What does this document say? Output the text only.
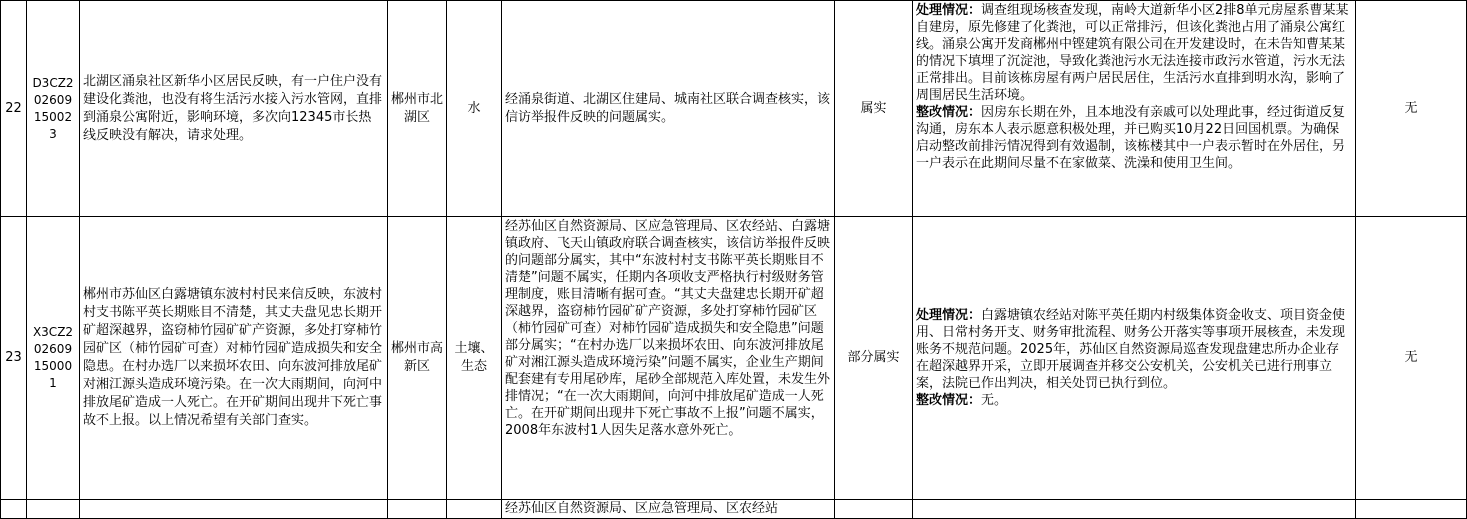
22	D3CZ2 02609 15002 3	北湖区涌泉社区新华小区居民反映，有一户住户没有建设化粪池，也没有将生活污水接入污水管网，直排到涌泉公寓附近，影响环境，多次向12345市长热线反映没有解决，请求处理。	郴州市北湖区	水	经涌泉街道、北湖区住建局、城南社区联合调查核实，该信访举报件反映的问题属实。	属实	处理情况：调查组现场核查发现，南岭大道新华小区2排8单元房屋系曹某某自建房，原先修建了化粪池，可以正常排污，但该化粪池占用了涌泉公寓红线。涌泉公寓开发商郴州中铿建筑有限公司在开发建设时，在未告知曹某某的情况下填埋了沉淀池，导致化粪池污水无法连接市政污水管道，污水无法正常排出。目前该栋房屋有两户居民居住，生活污水直排到明水沟，影响了周围居民生活环境。
整改情况：因房东长期在外，且本地没有亲戚可以处理此事，经过街道反复沟通，房东本人表示愿意积极处理，并已购买10月22日回国机票。为确保启动整改前排污情况得到有效遏制，该栋楼其中一户表示暂时在外居住，另一户表示在此期间尽量不在家做菜、洗澡和使用卫生间。	无
23	X3CZ2 02609 15000 1	郴州市苏仙区白露塘镇东波村村民来信反映，东波村村支书陈平英长期账目不清楚，其丈夫盘见忠长期开矿超深越界，盗窃柿竹园矿矿产资源，多处打穿柿竹园矿区（柿竹园矿可查）对柿竹园矿造成损失和安全隐患。在村办选厂以来损坏农田、向东波河排放尾矿对湘江源头造成环境污染。在一次大雨期间，向河中排放尾矿造成一人死亡。在开矿期间出现井下死亡事故不上报。以上情况希望有关部门查实。	郴州市高新区	土壤、生态	经苏仙区自然资源局、区应急管理局、区农经站、白露塘镇政府、飞天山镇政府联合调查核实，该信访举报件反映的问题部分属实，其中“东波村村支书陈平英长期账目不清楚”问题不属实，任期内各项收支严格执行村级财务管理制度，账目清晰有据可查。“其丈夫盘建忠长期开矿超深越界，盗窃柿竹园矿矿产资源，多处打穿柿竹园矿区（柿竹园矿可查）对柿竹园矿造成损失和安全隐患”问题部分属实；“在村办选厂以来损坏农田、向东波河排放尾矿对湘江源头造成环境污染”问题不属实，企业生产期间配套建有专用尾砂库，尾砂全部规范入库处置，未发生外排情况；“在一次大雨期间，向河中排放尾矿造成一人死亡。在开矿期间出现井下死亡事故不上报”问题不属实，2008年东波村1人因失足落水意外死亡。	部分属实	处理情况：白露塘镇农经站对陈平英任期内村级集体资金收支、项目资金使用、日常村务开支、财务审批流程、财务公开落实等事项开展核查，未发现账务不规范问题。2025年，苏仙区自然资源局巡查发现盘建忠所办企业存在超深越界开采，立即开展调查并移交公安机关，公安机关已进行刑事立案，法院已作出判决，相关处罚已执行到位。
整改情况：无。	无
					经苏仙区自然资源局、区应急管理局、区农经站			
